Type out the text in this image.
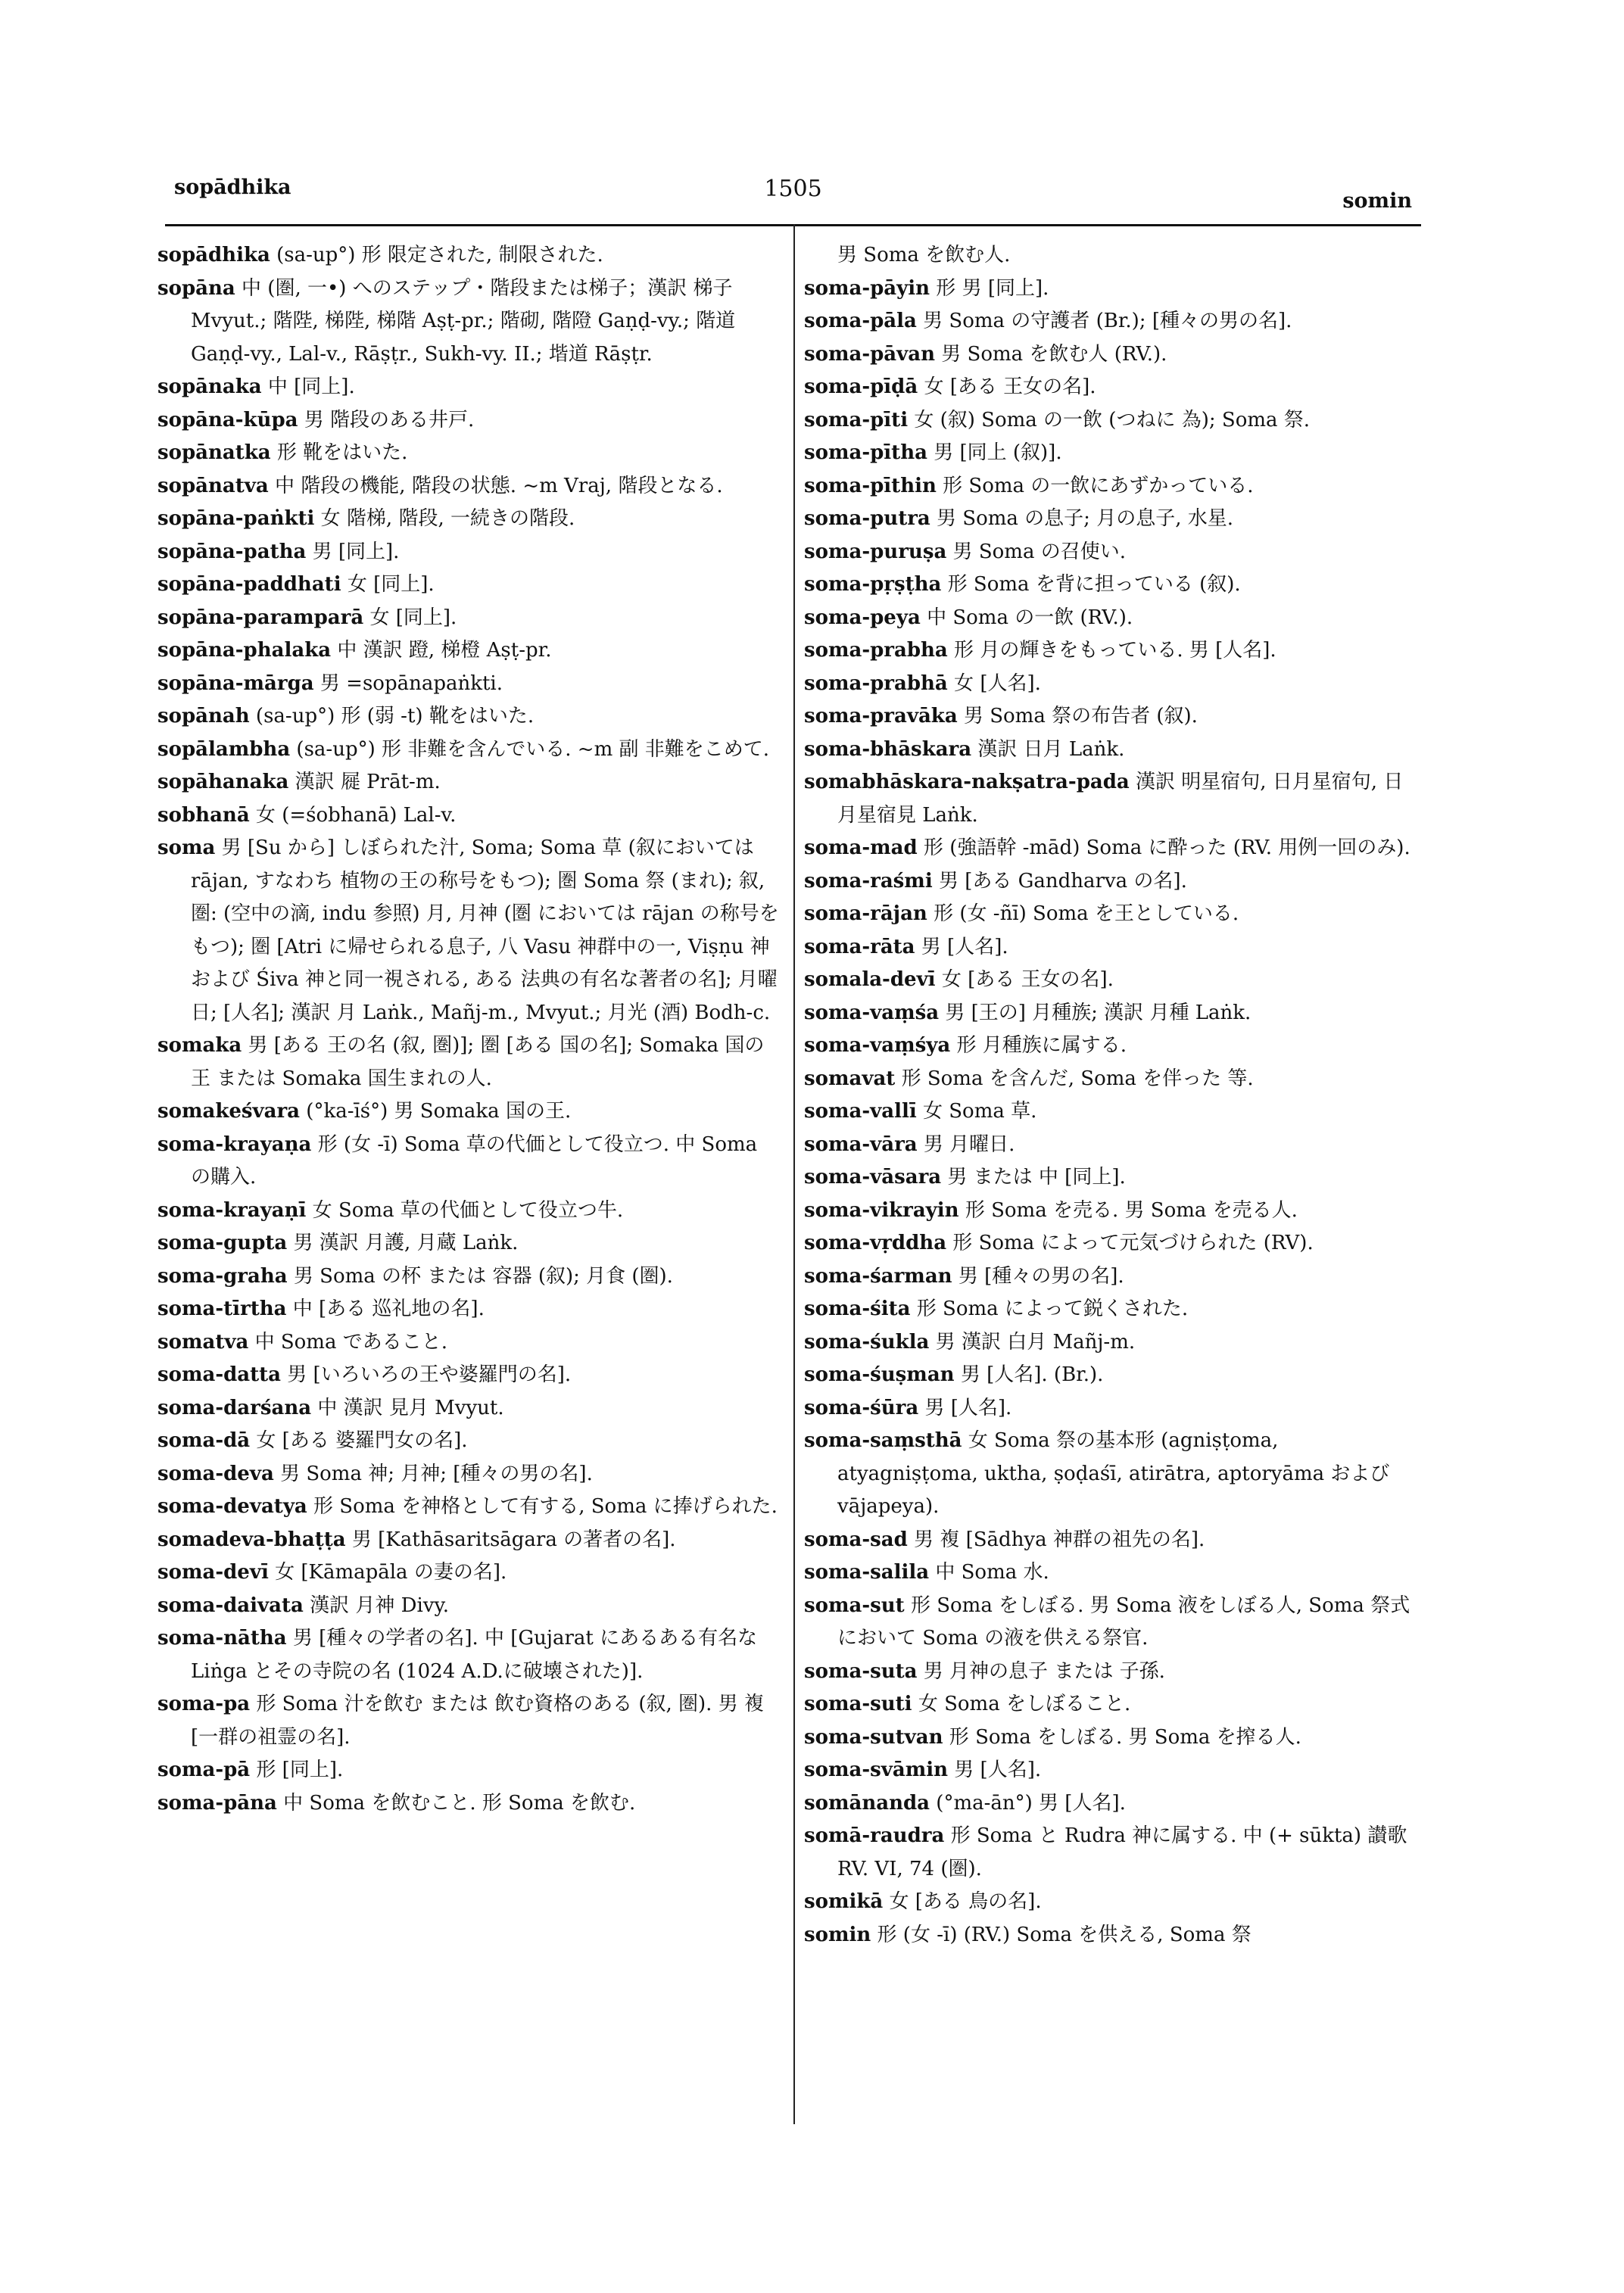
sopādhika	1505	somin

sopādhika (sa-up°) 形 限定された, 制限された.

sopāna 中 (圏, 一•) へのステップ・階段または梯子；漢訳 梯子 Mvyut.; 階陛, 梯陛, 梯階 Aṣṭ-pr.; 階砌, 階隥 Gaṇḍ-vy.; 階道 Gaṇḍ-vy., Lal-v., Rāṣṭr., Sukh-vy. II.; 堦道 Rāṣṭr.

sopānaka 中 [同上].

sopāna-kūpa 男 階段のある井戸.

sopānatka 形 靴をはいた.

sopānatva 中 階段の機能, 階段の状態. ~m Vraj, 階段となる.

sopāna-paṅkti 女 階梯, 階段, 一続きの階段.

sopāna-patha 男 [同上].

sopāna-paddhati 女 [同上].

sopāna-paramparā 女 [同上].

sopāna-phalaka 中 漢訳 蹬, 梯橙 Aṣṭ-pr.

sopāna-mārga 男 =sopānapaṅkti.

sopānah (sa-up°) 形 (弱 -t) 靴をはいた.

sopālambha (sa-up°) 形 非難を含んでいる. ~m 副 非難をこめて.

sopāhanaka 漢訳 屣 Prāt-m.

sobhanā 女 (=śobhanā) Lal-v.

soma 男 [Su から] しぼられた汁, Soma; Soma 草 (叙においては rājan, すなわち 植物の王の称号をもつ); 圏 Soma 祭 (まれ); 叙, 圏: (空中の滴, indu 参照) 月, 月神 (圏 においては rājan の称号をもつ); 圏 [Atri に帰せられる息子, 八 Vasu 神群中の一, Viṣṇu 神 および Śiva 神と同一視される, ある 法典の有名な著者の名]; 月曜日; [人名]; 漢訳 月 Laṅk., Mañj-m., Mvyut.; 月光 (酒) Bodh-c.

somaka 男 [ある 王の名 (叙, 圏)]; 圏 [ある 国の名]; Somaka 国の王 または Somaka 国生まれの人.

somakeśvara (°ka-īś°) 男 Somaka 国の王.

soma-krayaṇa 形 (女 -ī) Soma 草の代価として役立つ. 中 Soma の購入.

soma-krayaṇī 女 Soma 草の代価として役立つ牛.

soma-gupta 男 漢訳 月護, 月蔵 Laṅk.

soma-graha 男 Soma の杯 または 容器 (叙); 月食 (圏).

soma-tīrtha 中 [ある 巡礼地の名].

somatva 中 Soma であること.

soma-datta 男 [いろいろの王や婆羅門の名].

soma-darśana 中 漢訳 見月 Mvyut.

soma-dā 女 [ある 婆羅門女の名].

soma-deva 男 Soma 神; 月神; [種々の男の名].

soma-devatya 形 Soma を神格として有する, Soma に捧げられた.

somadeva-bhaṭṭa 男 [Kathāsaritsāgara の著者の名].

soma-devī 女 [Kāmapāla の妻の名].

soma-daivata 漢訳 月神 Divy.

soma-nātha 男 [種々の学者の名]. 中 [Gujarat にあるある有名な Liṅga とその寺院の名 (1024 A.D.に破壊された)].

soma-pa 形 Soma 汁を飲む または 飲む資格のある (叙, 圏). 男 複 [一群の祖霊の名].

soma-pā 形 [同上].

soma-pāna 中 Soma を飲むこと. 形 Soma を飲む.

男 Soma を飲む人.

soma-pāyin 形 男 [同上].

soma-pāla 男 Soma の守護者 (Br.); [種々の男の名].

soma-pāvan 男 Soma を飲む人 (RV.).

soma-pīḍā 女 [ある 王女の名].

soma-pīti 女 (叙) Soma の一飲 (つねに 為); Soma 祭.

soma-pītha 男 [同上 (叙)].

soma-pīthin 形 Soma の一飲にあずかっている.

soma-putra 男 Soma の息子; 月の息子, 水星.

soma-puruṣa 男 Soma の召使い.

soma-pṛṣṭha 形 Soma を背に担っている (叙).

soma-peya 中 Soma の一飲 (RV.).

soma-prabha 形 月の輝きをもっている. 男 [人名].

soma-prabhā 女 [人名].

soma-pravāka 男 Soma 祭の布告者 (叙).

soma-bhāskara 漢訳 日月 Laṅk.

somabhāskara-nakṣatra-pada 漢訳 明星宿句, 日月星宿句, 日月星宿見 Laṅk.

soma-mad 形 (強語幹 -mād) Soma に酔った (RV. 用例一回のみ).

soma-raśmi 男 [ある Gandharva の名].

soma-rājan 形 (女 -ñī) Soma を王としている.

soma-rāta 男 [人名].

somala-devī 女 [ある 王女の名].

soma-vaṃśa 男 [王の] 月種族; 漢訳 月種 Laṅk.

soma-vaṃśya 形 月種族に属する.

somavat 形 Soma を含んだ, Soma を伴った 等.

soma-vallī 女 Soma 草.

soma-vāra 男 月曜日.

soma-vāsara 男 または 中 [同上].

soma-vikrayin 形 Soma を売る. 男 Soma を売る人.

soma-vṛddha 形 Soma によって元気づけられた (RV).

soma-śarman 男 [種々の男の名].

soma-śita 形 Soma によって鋭くされた.

soma-śukla 男 漢訳 白月 Mañj-m.

soma-śuṣman 男 [人名]. (Br.).

soma-śūra 男 [人名].

soma-saṃsthā 女 Soma 祭の基本形 (agniṣṭoma, atyagniṣṭoma, uktha, ṣoḍaśī, atirātra, aptoryāma および vājapeya).

soma-sad 男 複 [Sādhya 神群の祖先の名].

soma-salila 中 Soma 水.

soma-sut 形 Soma をしぼる. 男 Soma 液をしぼる人, Soma 祭式において Soma の液を供える祭官.

soma-suta 男 月神の息子 または 子孫.

soma-suti 女 Soma をしぼること.

soma-sutvan 形 Soma をしぼる. 男 Soma を搾る人.

soma-svāmin 男 [人名].

somānanda (°ma-ān°) 男 [人名].

somā-raudra 形 Soma と Rudra 神に属する. 中 (+ sūkta) 讃歌 RV. VI, 74 (圏).

somikā 女 [ある 鳥の名].

somin 形 (女 -ī) (RV.) Soma を供える, Soma 祭
